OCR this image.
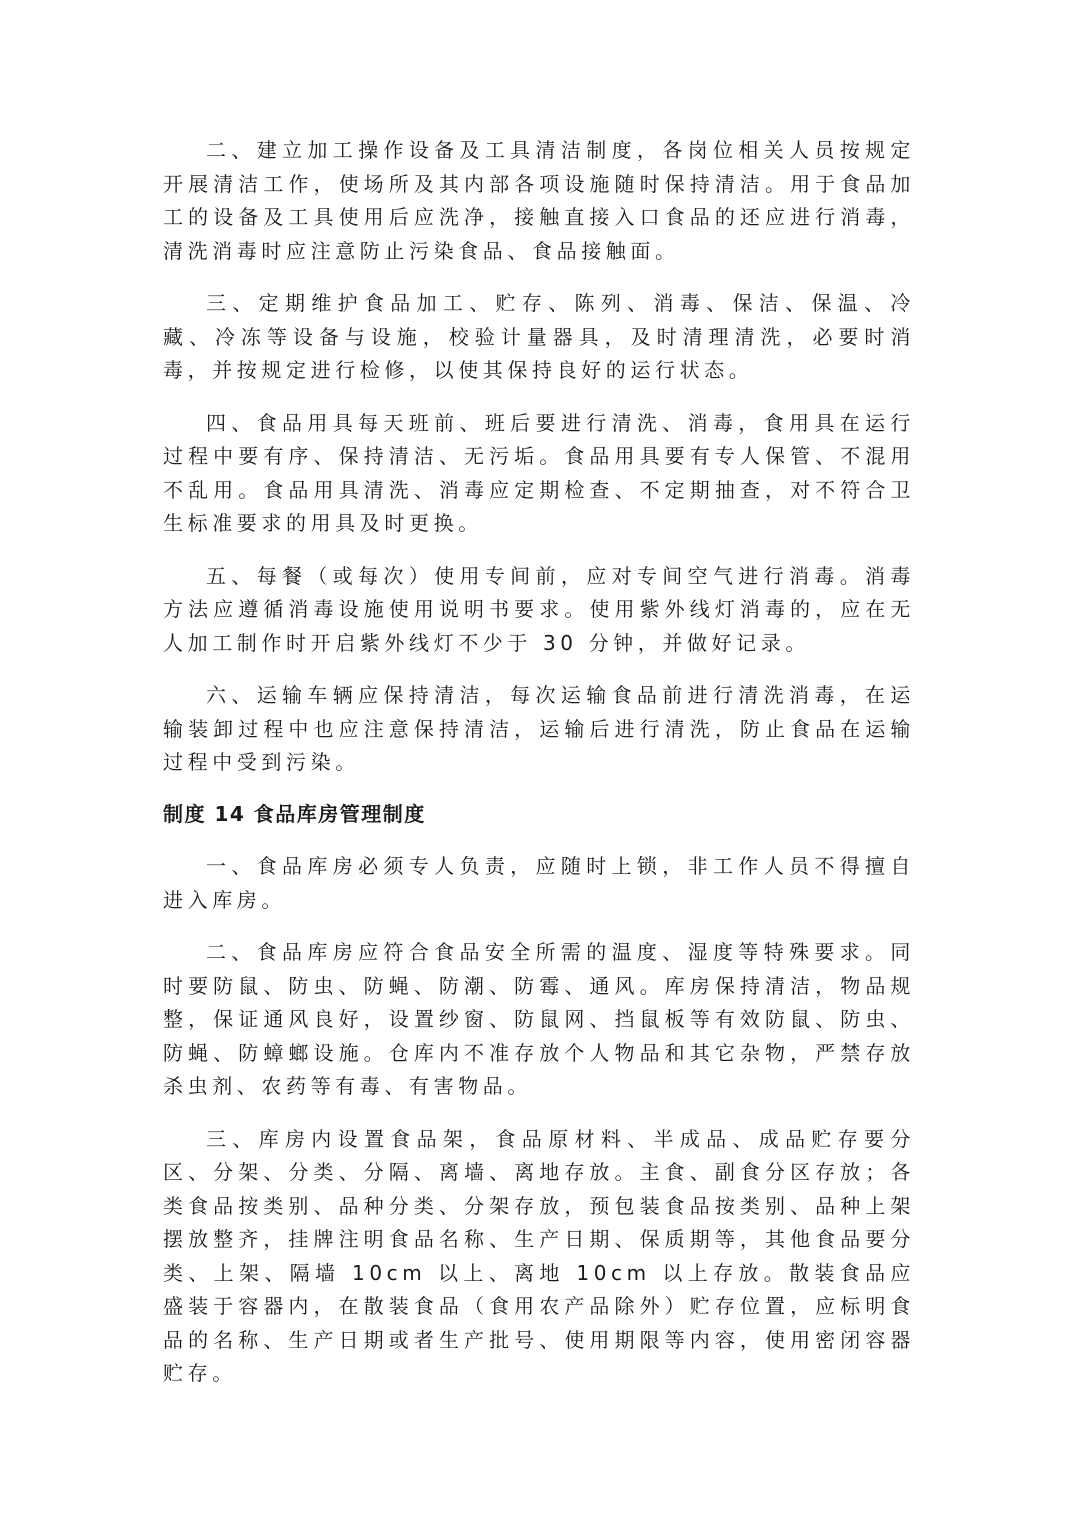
二、建立加工操作设备及工具清洁制度，各岗位相关人员按规定开展清洁工作，使场所及其内部各项设施随时保持清洁。用于食品加工的设备及工具使用后应洗净，接触直接入口食品的还应进行消毒，清洗消毒时应注意防止污染食品、食品接触面。

三、定期维护食品加工、贮存、陈列、消毒、保洁、保温、冷藏、冷冻等设备与设施，校验计量器具，及时清理清洗，必要时消毒，并按规定进行检修，以使其保持良好的运行状态。

四、食品用具每天班前、班后要进行清洗、消毒，食用具在运行过程中要有序、保持清洁、无污垢。食品用具要有专人保管、不混用不乱用。食品用具清洗、消毒应定期检查、不定期抽查，对不符合卫生标准要求的用具及时更换。

五、每餐（或每次）使用专间前，应对专间空气进行消毒。消毒方法应遵循消毒设施使用说明书要求。使用紫外线灯消毒的，应在无人加工制作时开启紫外线灯不少于 30 分钟，并做好记录。

六、运输车辆应保持清洁，每次运输食品前进行清洗消毒，在运输装卸过程中也应注意保持清洁，运输后进行清洗，防止食品在运输过程中受到污染。

制度 14 食品库房管理制度

一、食品库房必须专人负责，应随时上锁，非工作人员不得擅自进入库房。

二、食品库房应符合食品安全所需的温度、湿度等特殊要求。同时要防鼠、防虫、防蝇、防潮、防霉、通风。库房保持清洁，物品规整，保证通风良好，设置纱窗、防鼠网、挡鼠板等有效防鼠、防虫、防蝇、防蟑螂设施。仓库内不准存放个人物品和其它杂物，严禁存放杀虫剂、农药等有毒、有害物品。

三、库房内设置食品架，食品原材料、半成品、成品贮存要分区、分架、分类、分隔、离墙、离地存放。主食、副食分区存放；各类食品按类别、品种分类、分架存放，预包装食品按类别、品种上架摆放整齐，挂牌注明食品名称、生产日期、保质期等，其他食品要分类、上架、隔墙 10cm 以上、离地 10cm 以上存放。散装食品应盛装于容器内，在散装食品（食用农产品除外）贮存位置，应标明食品的名称、生产日期或者生产批号、使用期限等内容，使用密闭容器贮存。
